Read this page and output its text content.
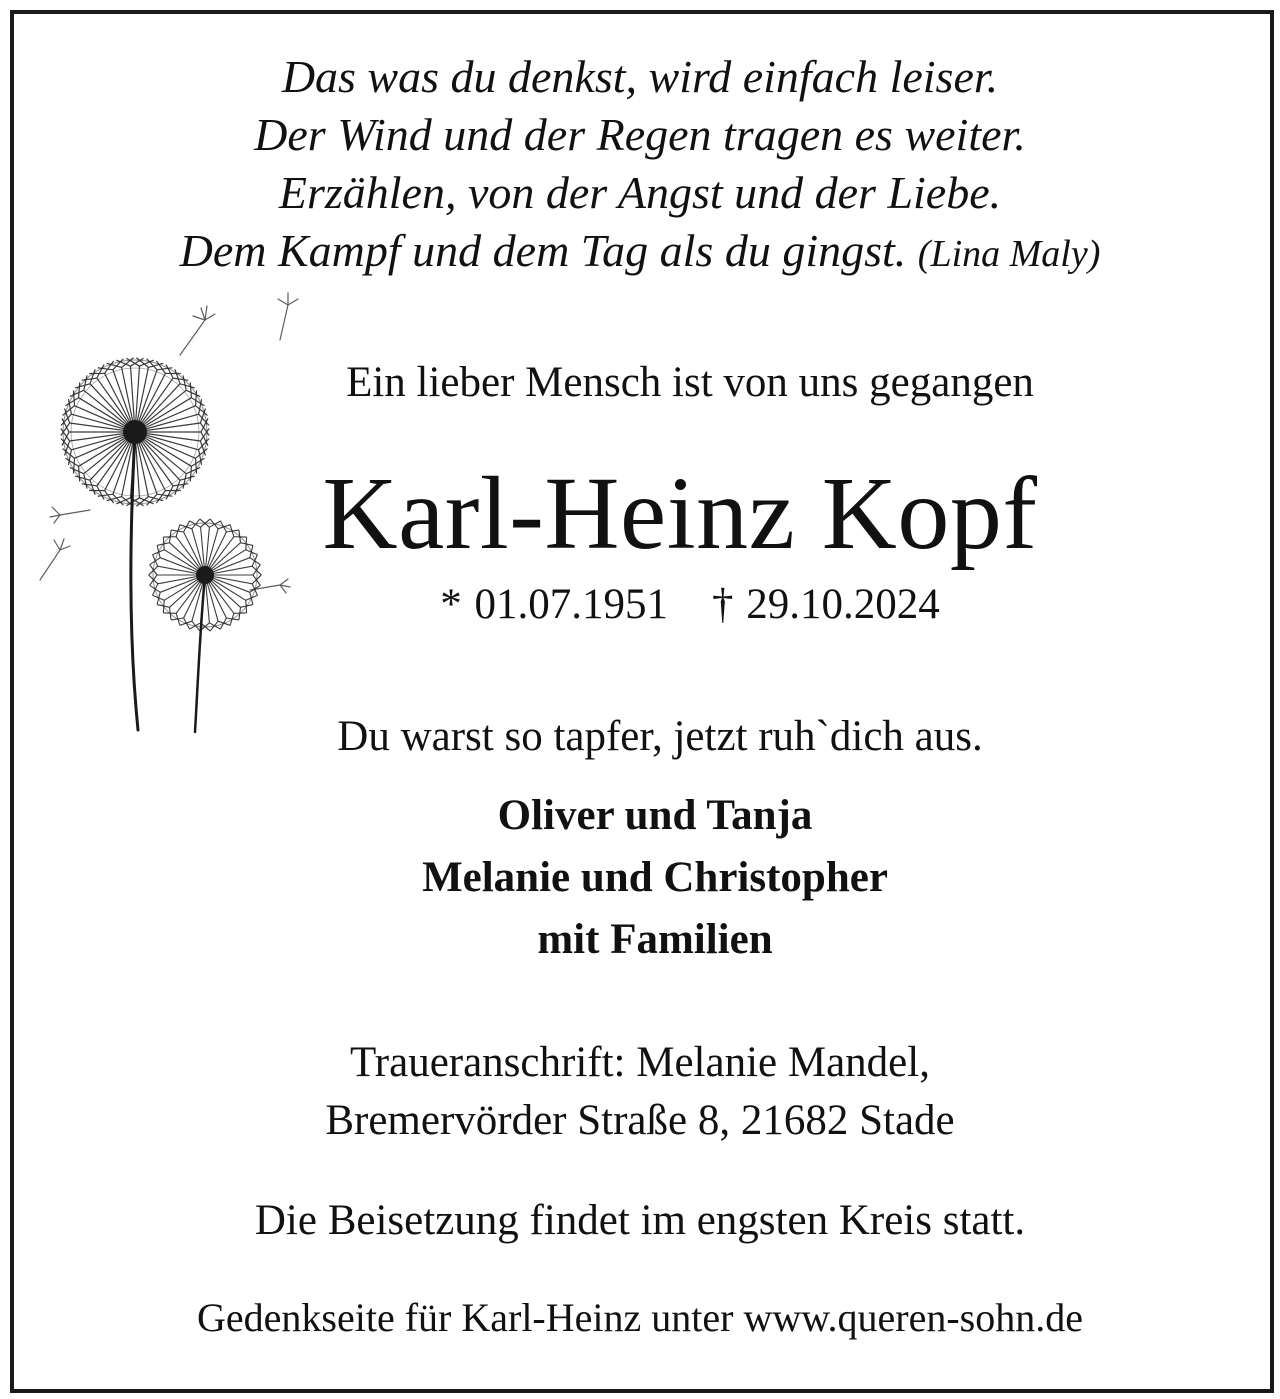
Das was du denkst, wird einfach leiser.
Der Wind und der Regen tragen es weiter.
Erzählen, von der Angst und der Liebe.
Dem Kampf und dem Tag als du gingst. (Lina Maly)
Ein lieber Mensch ist von uns gegangen
Karl-Heinz Kopf
* 01.07.1951 † 29.10.2024
Du warst so tapfer, jetzt ruh`dich aus.
Oliver und Tanja
Melanie und Christopher
mit Familien
Traueranschrift: Melanie Mandel,
Bremervörder Straße 8, 21682 Stade
Die Beisetzung findet im engsten Kreis statt.
Gedenkseite für Karl-Heinz unter www.queren-sohn.de
